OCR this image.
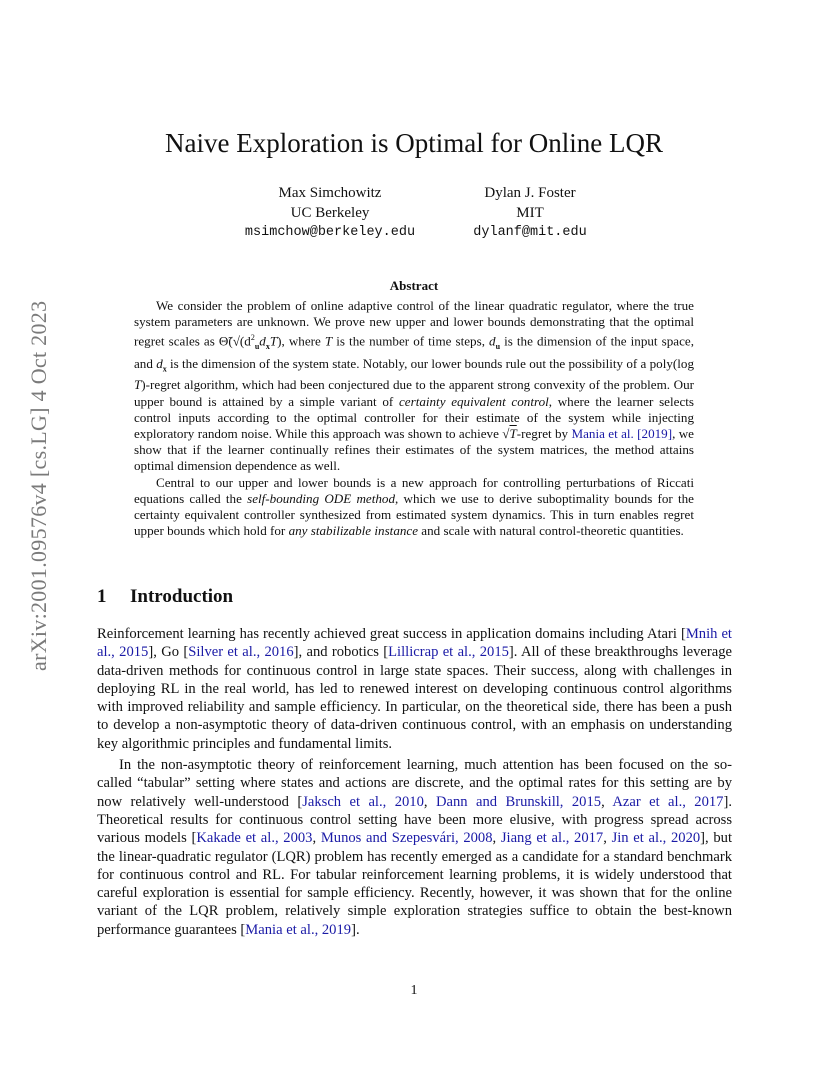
arXiv:2001.09576v4 [cs.LG] 4 Oct 2023
Naive Exploration is Optimal for Online LQR
Max Simchowitz
UC Berkeley
msimchow@berkeley.edu
Dylan J. Foster
MIT
dylanf@mit.edu
Abstract

We consider the problem of online adaptive control of the linear quadratic regulator, where the true system parameters are unknown. We prove new upper and lower bounds demonstrating that the optimal regret scales as $\Thetã(√(d^2_ud_xT)$, where T is the number of time steps, $d_u$ is the dimension of the input space, and $d_x$ is the dimension of the system state. Notably, our lower bounds rule out the possibility of a poly(log T)-regret algorithm, which had been conjectured due to the apparent strong convexity of the problem. Our upper bound is attained by a simple variant of certainty equivalent control, where the learner selects control inputs according to the optimal controller for their estimate of the system while injecting exploratory random noise. While this approach was shown to achieve √T-regret by Mania et al. [2019], we show that if the learner continually refines their estimates of the system matrices, the method attains optimal dimension dependence as well.

Central to our upper and lower bounds is a new approach for controlling perturbations of Riccati equations called the self-bounding ODE method, which we use to derive suboptimality bounds for the certainty equivalent controller synthesized from estimated system dynamics. This in turn enables regret upper bounds which hold for any stabilizable instance and scale with natural control-theoretic quantities.

1 Introduction

Reinforcement learning has recently achieved great success in application domains including Atari [Mnih et al., 2015], Go [Silver et al., 2016], and robotics [Lillicrap et al., 2015]. All of these breakthroughs leverage data-driven methods for continuous control in large state spaces. Their success, along with challenges in deploying RL in the real world, has led to renewed interest on developing continuous control algorithms with improved reliability and sample efficiency. In particular, on the theoretical side, there has been a push to develop a non-asymptotic theory of data-driven continuous control, with an emphasis on understanding key algorithmic principles and fundamental limits.

In the non-asymptotic theory of reinforcement learning, much attention has been focused on the so-called “tabular” setting where states and actions are discrete, and the optimal rates for this setting are by now relatively well-understood [Jaksch et al., 2010, Dann and Brunskill, 2015, Azar et al., 2017]. Theoretical results for continuous control setting have been more elusive, with progress spread across various models [Kakade et al., 2003, Munos and Szepesvári, 2008, Jiang et al., 2017, Jin et al., 2020], but the linear-quadratic regulator (LQR) problem has recently emerged as a candidate for a standard benchmark for continuous control and RL. For tabular reinforcement learning problems, it is widely understood that careful exploration is essential for sample efficiency. Recently, however, it was shown that for the online variant of the LQR problem, relatively simple exploration strategies suffice to obtain the best-known performance guarantees [Mania et al., 2019].

1
